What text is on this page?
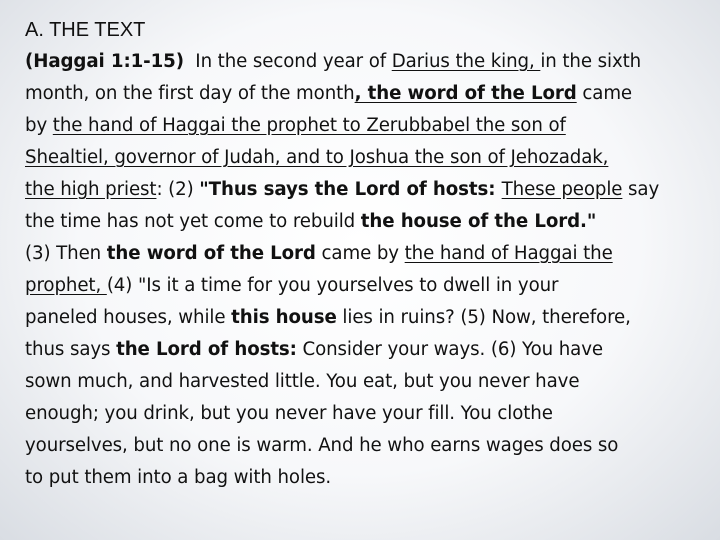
A. THE TEXT
(Haggai 1:1-15)  In the second year of Darius the king, in the sixth
month, on the first day of the month, the word of the Lord came
by the hand of Haggai the prophet to Zerubbabel the son of
Shealtiel, governor of Judah, and to Joshua the son of Jehozadak,
the high priest: (2) "Thus says the Lord of hosts: These people say
the time has not yet come to rebuild the house of the Lord."
(3) Then the word of the Lord came by the hand of Haggai the
prophet, (4) "Is it a time for you yourselves to dwell in your
paneled houses, while this house lies in ruins? (5) Now, therefore,
thus says the Lord of hosts: Consider your ways. (6) You have
sown much, and harvested little. You eat, but you never have
enough; you drink, but you never have your fill. You clothe
yourselves, but no one is warm. And he who earns wages does so
to put them into a bag with holes.
